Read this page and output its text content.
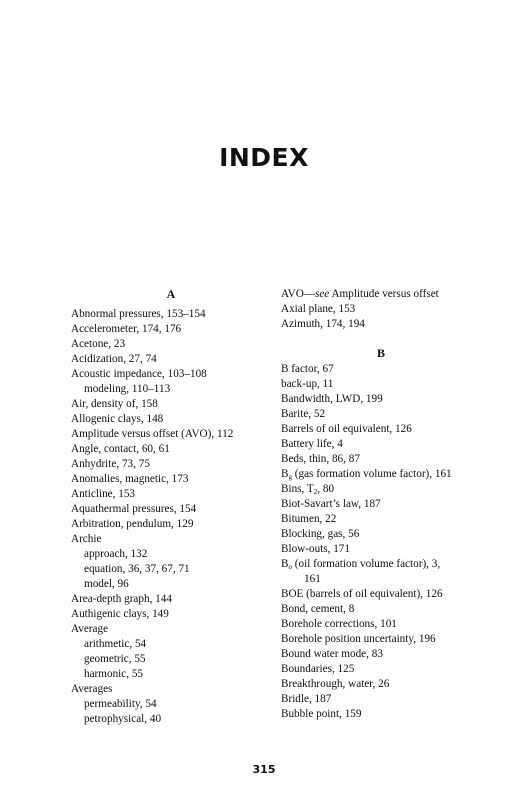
INDEX
A
Abnormal pressures, 153–154
Accelerometer, 174, 176
Acetone, 23
Acidization, 27, 74
Acoustic impedance, 103–108
modeling, 110–113
Air, density of, 158
Allogenic clays, 148
Amplitude versus offset (AVO), 112
Angle, contact, 60, 61
Anhydrite, 73, 75
Anomalies, magnetic, 173
Anticline, 153
Aquathermal pressures, 154
Arbitration, pendulum, 129
Archie
approach, 132
equation, 36, 37, 67, 71
model, 96
Area-depth graph, 144
Authigenic clays, 149
Average
arithmetic, 54
geometric, 55
harmonic, 55
Averages
permeability, 54
petrophysical, 40
AVO—see Amplitude versus offset
Axial plane, 153
Azimuth, 174, 194
B
B factor, 67
back-up, 11
Bandwidth, LWD, 199
Barite, 52
Barrels of oil equivalent, 126
Battery life, 4
Beds, thin, 86, 87
$B_g$ (gas formation volume factor), 161
Bins, $T_2$, 80
Biot-Savart’s law, 187
Bitumen, 22
Blocking, gas, 56
Blow-outs, 171
$B_o$ (oil formation volume factor), 3,
161
BOE (barrels of oil equivalent), 126
Bond, cement, 8
Borehole corrections, 101
Borehole position uncertainty, 196
Bound water mode, 83
Boundaries, 125
Breakthrough, water, 26
Bridle, 187
Bubble point, 159
315
